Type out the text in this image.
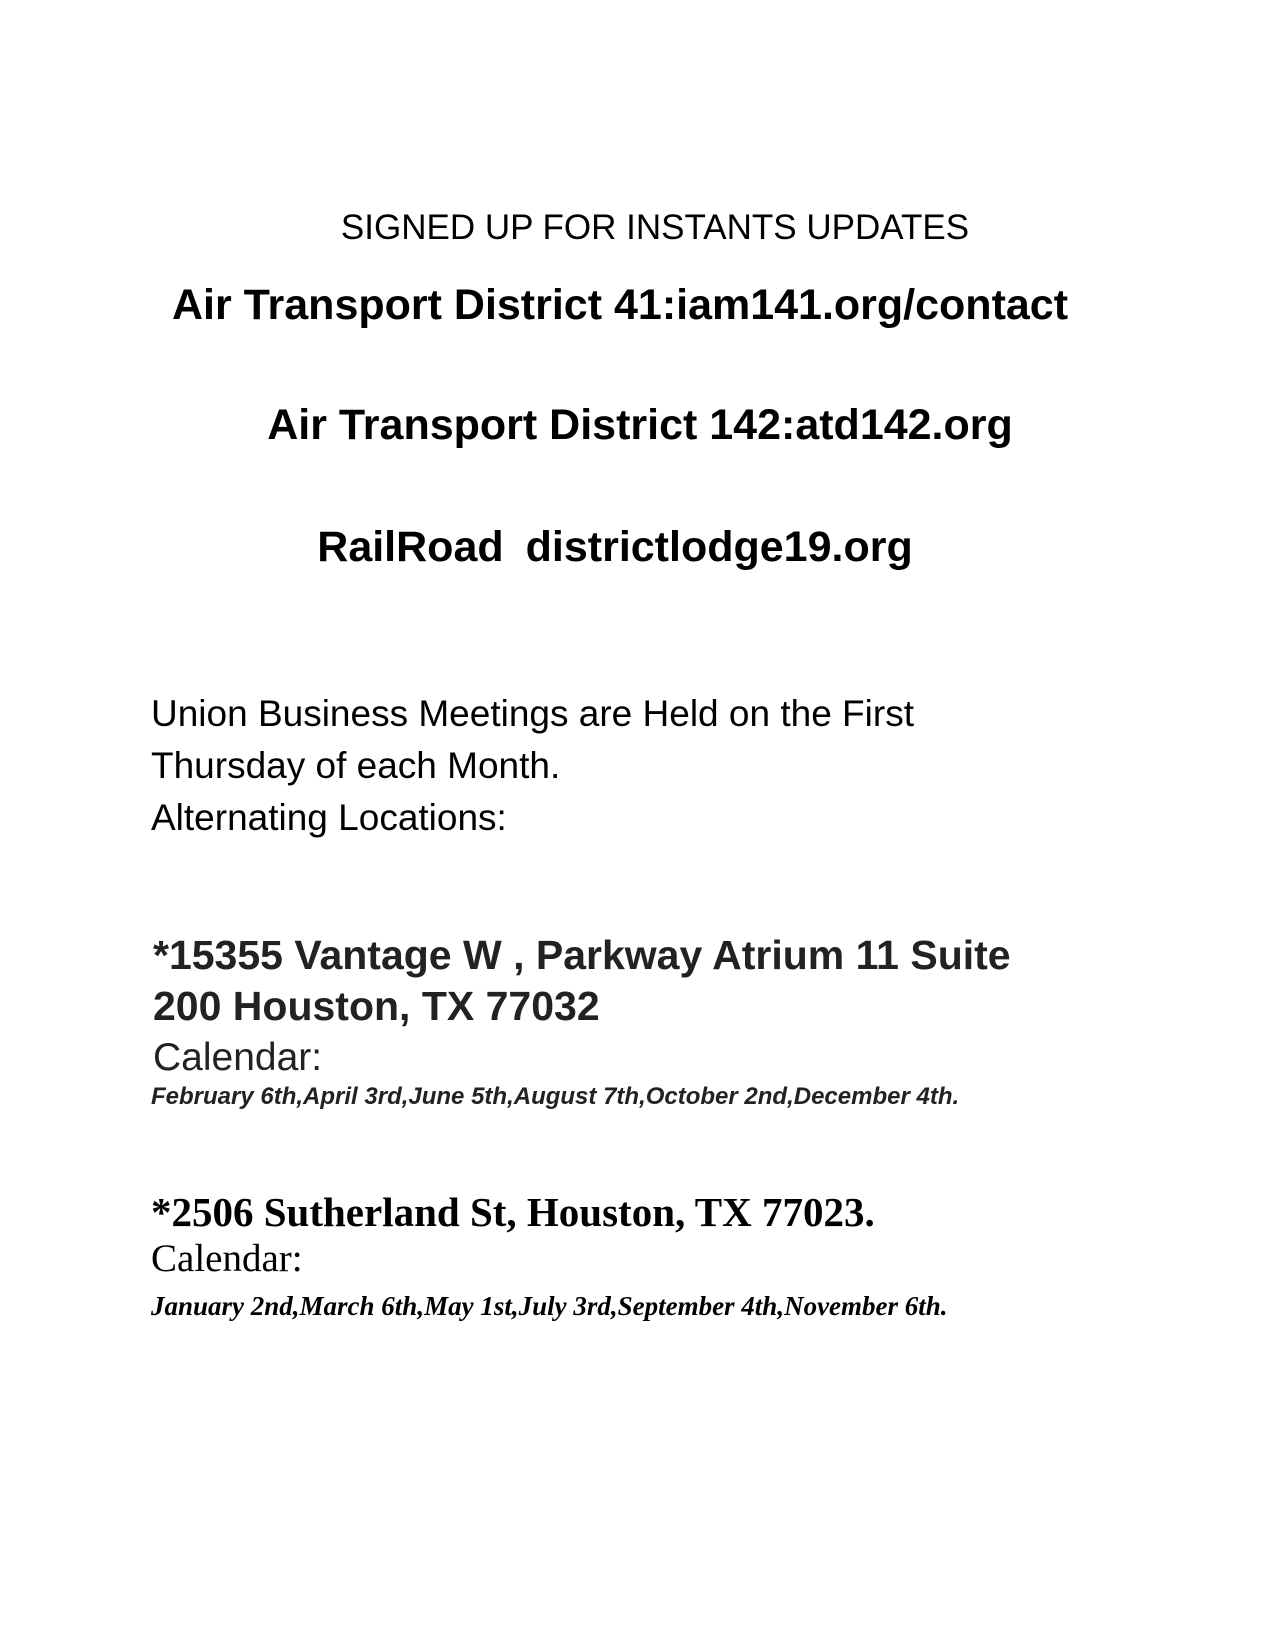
SIGNED UP FOR INSTANTS UPDATES
Air Transport District 41:iam141.org/contact
Air Transport District 142:atd142.org
RailRoad districtlodge19.org
Union Business Meetings are Held on the First
Thursday of each Month.
Alternating Locations:
*15355 Vantage W , Parkway Atrium 11 Suite
200 Houston, TX 77032
Calendar:
February 6th,April 3rd,June 5th,August 7th,October 2nd,December 4th.
*2506 Sutherland St, Houston, TX 77023.
Calendar:
January 2nd,March 6th,May 1st,July 3rd,September 4th,November 6th.
